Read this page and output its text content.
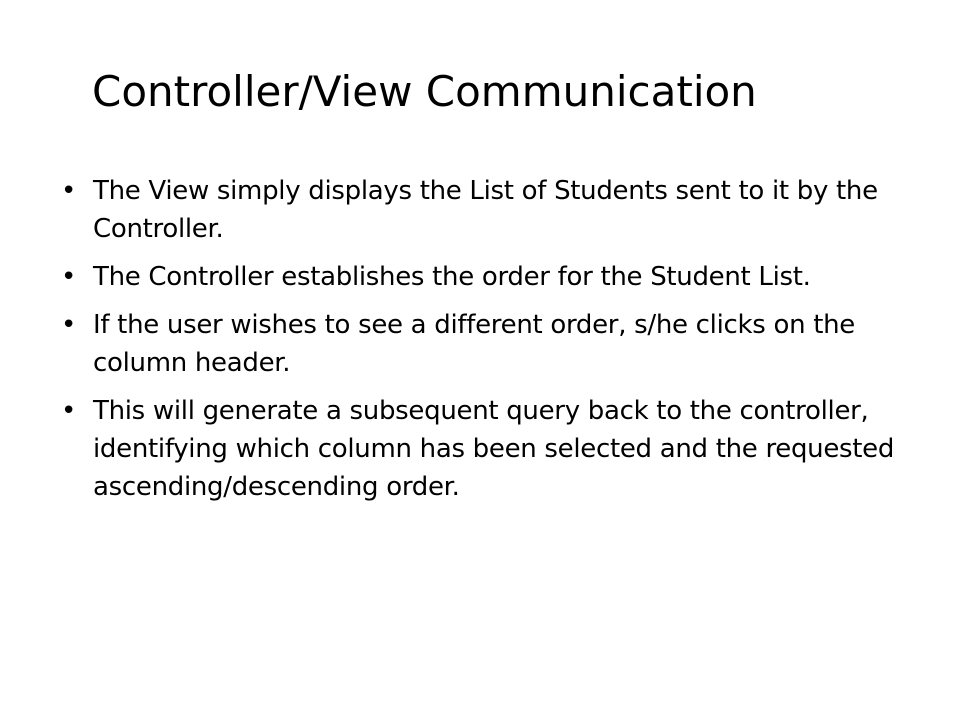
Controller/View Communication
• The View simply displays the List of Students sent to it by the Controller.
• The Controller establishes the order for the Student List.
• If the user wishes to see a different order, s/he clicks on the column header.
• This will generate a subsequent query back to the controller, identifying which column has been selected and the requested ascending/descending order.
